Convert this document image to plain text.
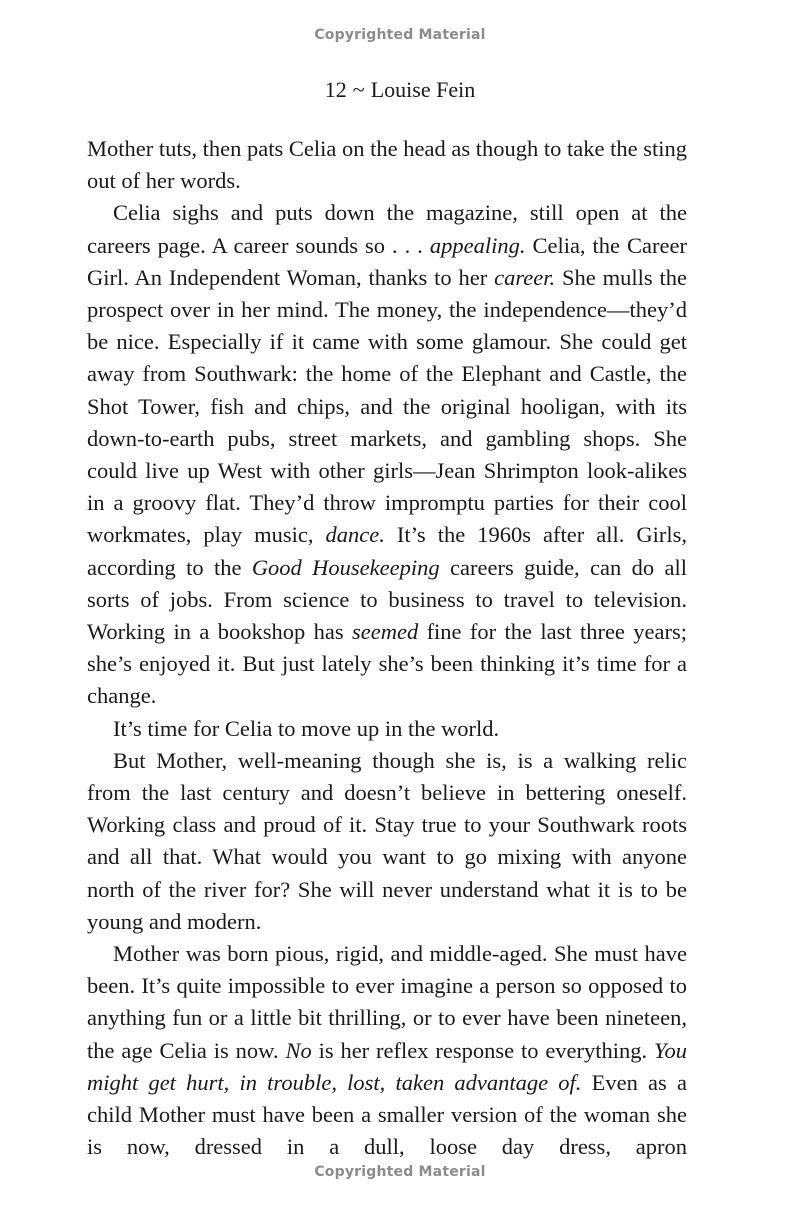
Copyrighted Material
12 ~ Louise Fein

Mother tuts, then pats Celia on the head as though to take the sting out of her words.

Celia sighs and puts down the magazine, still open at the careers page. A career sounds so . . . appealing. Celia, the Career Girl. An Independent Woman, thanks to her career. She mulls the prospect over in her mind. The money, the independence—they’d be nice. Especially if it came with some glamour. She could get away from Southwark: the home of the Elephant and Castle, the Shot Tower, fish and chips, and the original hooligan, with its down-to-earth pubs, street markets, and gambling shops. She could live up West with other girls—Jean Shrimpton look-alikes in a groovy flat. They’d throw impromptu parties for their cool workmates, play music, dance. It’s the 1960s after all. Girls, according to the Good Housekeeping careers guide, can do all sorts of jobs. From science to business to travel to television. Working in a bookshop has seemed fine for the last three years; she’s enjoyed it. But just lately she’s been thinking it’s time for a change.

It’s time for Celia to move up in the world.

But Mother, well-meaning though she is, is a walking relic from the last century and doesn’t believe in bettering oneself. Working class and proud of it. Stay true to your Southwark roots and all that. What would you want to go mixing with anyone north of the river for? She will never understand what it is to be young and modern.

Mother was born pious, rigid, and middle-aged. She must have been. It’s quite impossible to ever imagine a person so opposed to anything fun or a little bit thrilling, or to ever have been nineteen, the age Celia is now. No is her reflex response to everything. You might get hurt, in trouble, lost, taken advantage of. Even as a child Mother must have been a smaller version of the woman she is now, dressed in a dull, loose day dress, apron

Copyrighted Material
